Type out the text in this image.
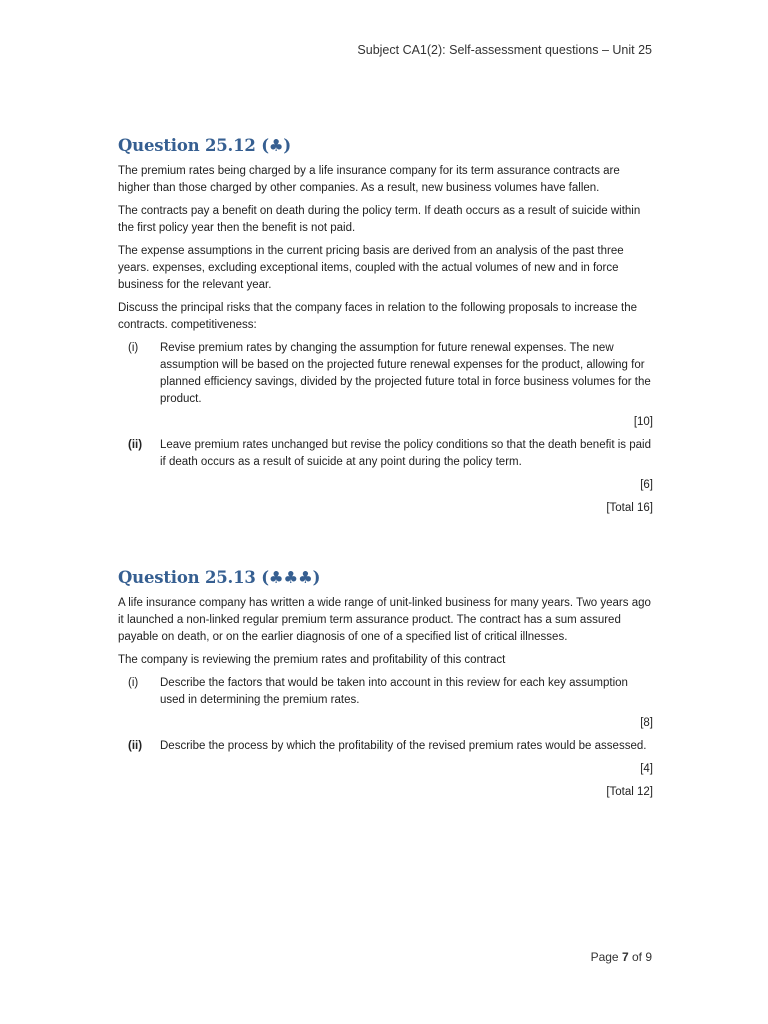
Subject CA1(2): Self-assessment questions – Unit 25
Question 25.12 (♣)

The premium rates being charged by a life insurance company for its term assurance contracts are higher than those charged by other companies. As a result, new business volumes have fallen.

The contracts pay a benefit on death during the policy term. If death occurs as a result of suicide within the first policy year then the benefit is not paid.

The expense assumptions in the current pricing basis are derived from an analysis of the past three years. expenses, excluding exceptional items, coupled with the actual volumes of new and in force business for the relevant year.

Discuss the principal risks that the company faces in relation to the following proposals to increase the contracts. competitiveness:

(i)	Revise premium rates by changing the assumption for future renewal expenses. The new assumption will be based on the projected future renewal expenses for the product, allowing for planned efficiency savings, divided by the projected future total in force business volumes for the product.
[10]
(ii)	Leave premium rates unchanged but revise the policy conditions so that the death benefit is paid if death occurs as a result of suicide at any point during the policy term.
[6]
[Total 16]
Question 25.13 (♣♣♣)

A life insurance company has written a wide range of unit-linked business for many years. Two years ago it launched a non-linked regular premium term assurance product. The contract has a sum assured payable on death, or on the earlier diagnosis of one of a specified list of critical illnesses.

The company is reviewing the premium rates and profitability of this contract

(i)	Describe the factors that would be taken into account in this review for each key assumption used in determining the premium rates.
[8]
(ii)	Describe the process by which the profitability of the revised premium rates would be assessed.
[4]
[Total 12]
Page 7 of 9
